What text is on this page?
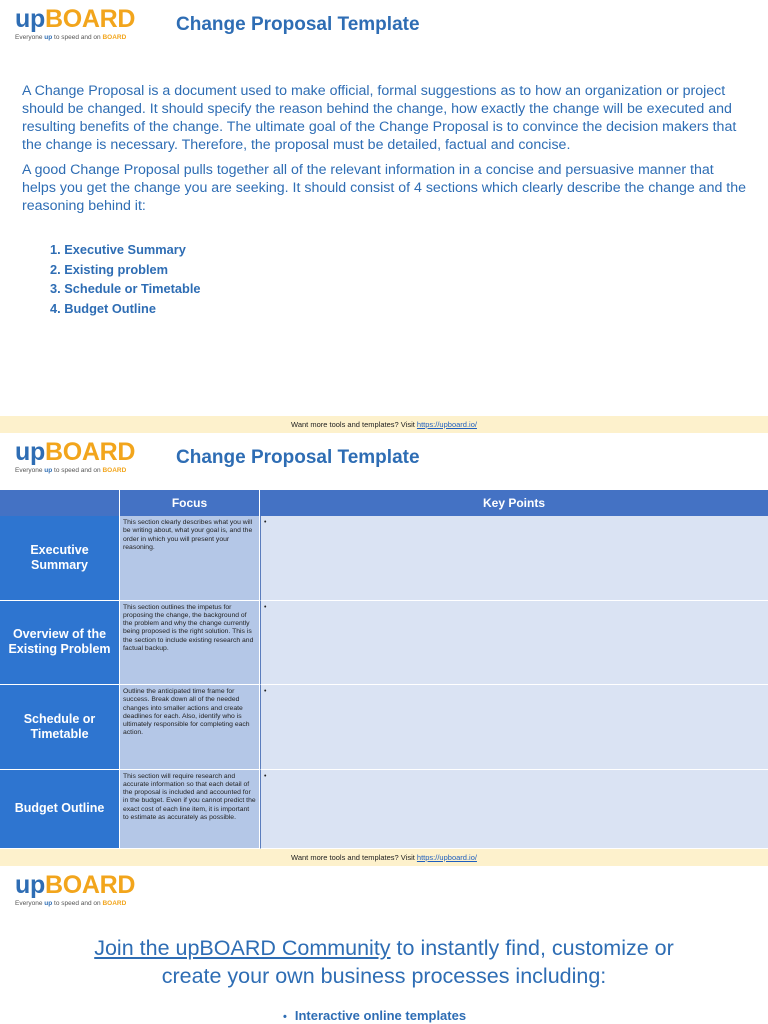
upBOARD
Everyone up to speed and on BOARD
Change Proposal Template

A Change Proposal is a document used to make official, formal suggestions as to how an organization or project should be changed. It should specify the reason behind the change, how exactly the change will be executed and resulting benefits of the change. The ultimate goal of the Change Proposal is to convince the decision makers that the change is necessary. Therefore, the proposal must be detailed, factual and concise.

A good Change Proposal pulls together all of the relevant information in a concise and persuasive manner that helps you get the change you are seeking. It should consist of 4 sections which clearly describe the change and the reasoning behind it:

1. Executive Summary
2. Existing problem
3. Schedule or Timetable
4. Budget Outline
Want more tools and templates? Visit https://upboard.io/
upBOARD
Everyone up to speed and on BOARD
Change Proposal Template
Focus	Key Points
Executive Summary
This section clearly describes what you will be writing about, what your goal is, and the order in which you will present your reasoning.
•
Overview of the Existing Problem
This section outlines the impetus for proposing the change, the background of the problem and why the change currently being proposed is the right solution. This is the section to include existing research and factual backup.
•
Schedule or Timetable
Outline the anticipated time frame for success. Break down all of the needed changes into smaller actions and create deadlines for each. Also, identify who is ultimately responsible for completing each action.
•
Budget Outline
This section will require research and accurate information so that each detail of the proposal is included and accounted for in the budget. Even if you cannot predict the exact cost of each line item, it is important to estimate as accurately as possible.
•
Want more tools and templates? Visit https://upboard.io/
upBOARD
Everyone up to speed and on BOARD
Join the upBOARD Community to instantly find, customize or
create your own business processes including:
• Interactive online templates
